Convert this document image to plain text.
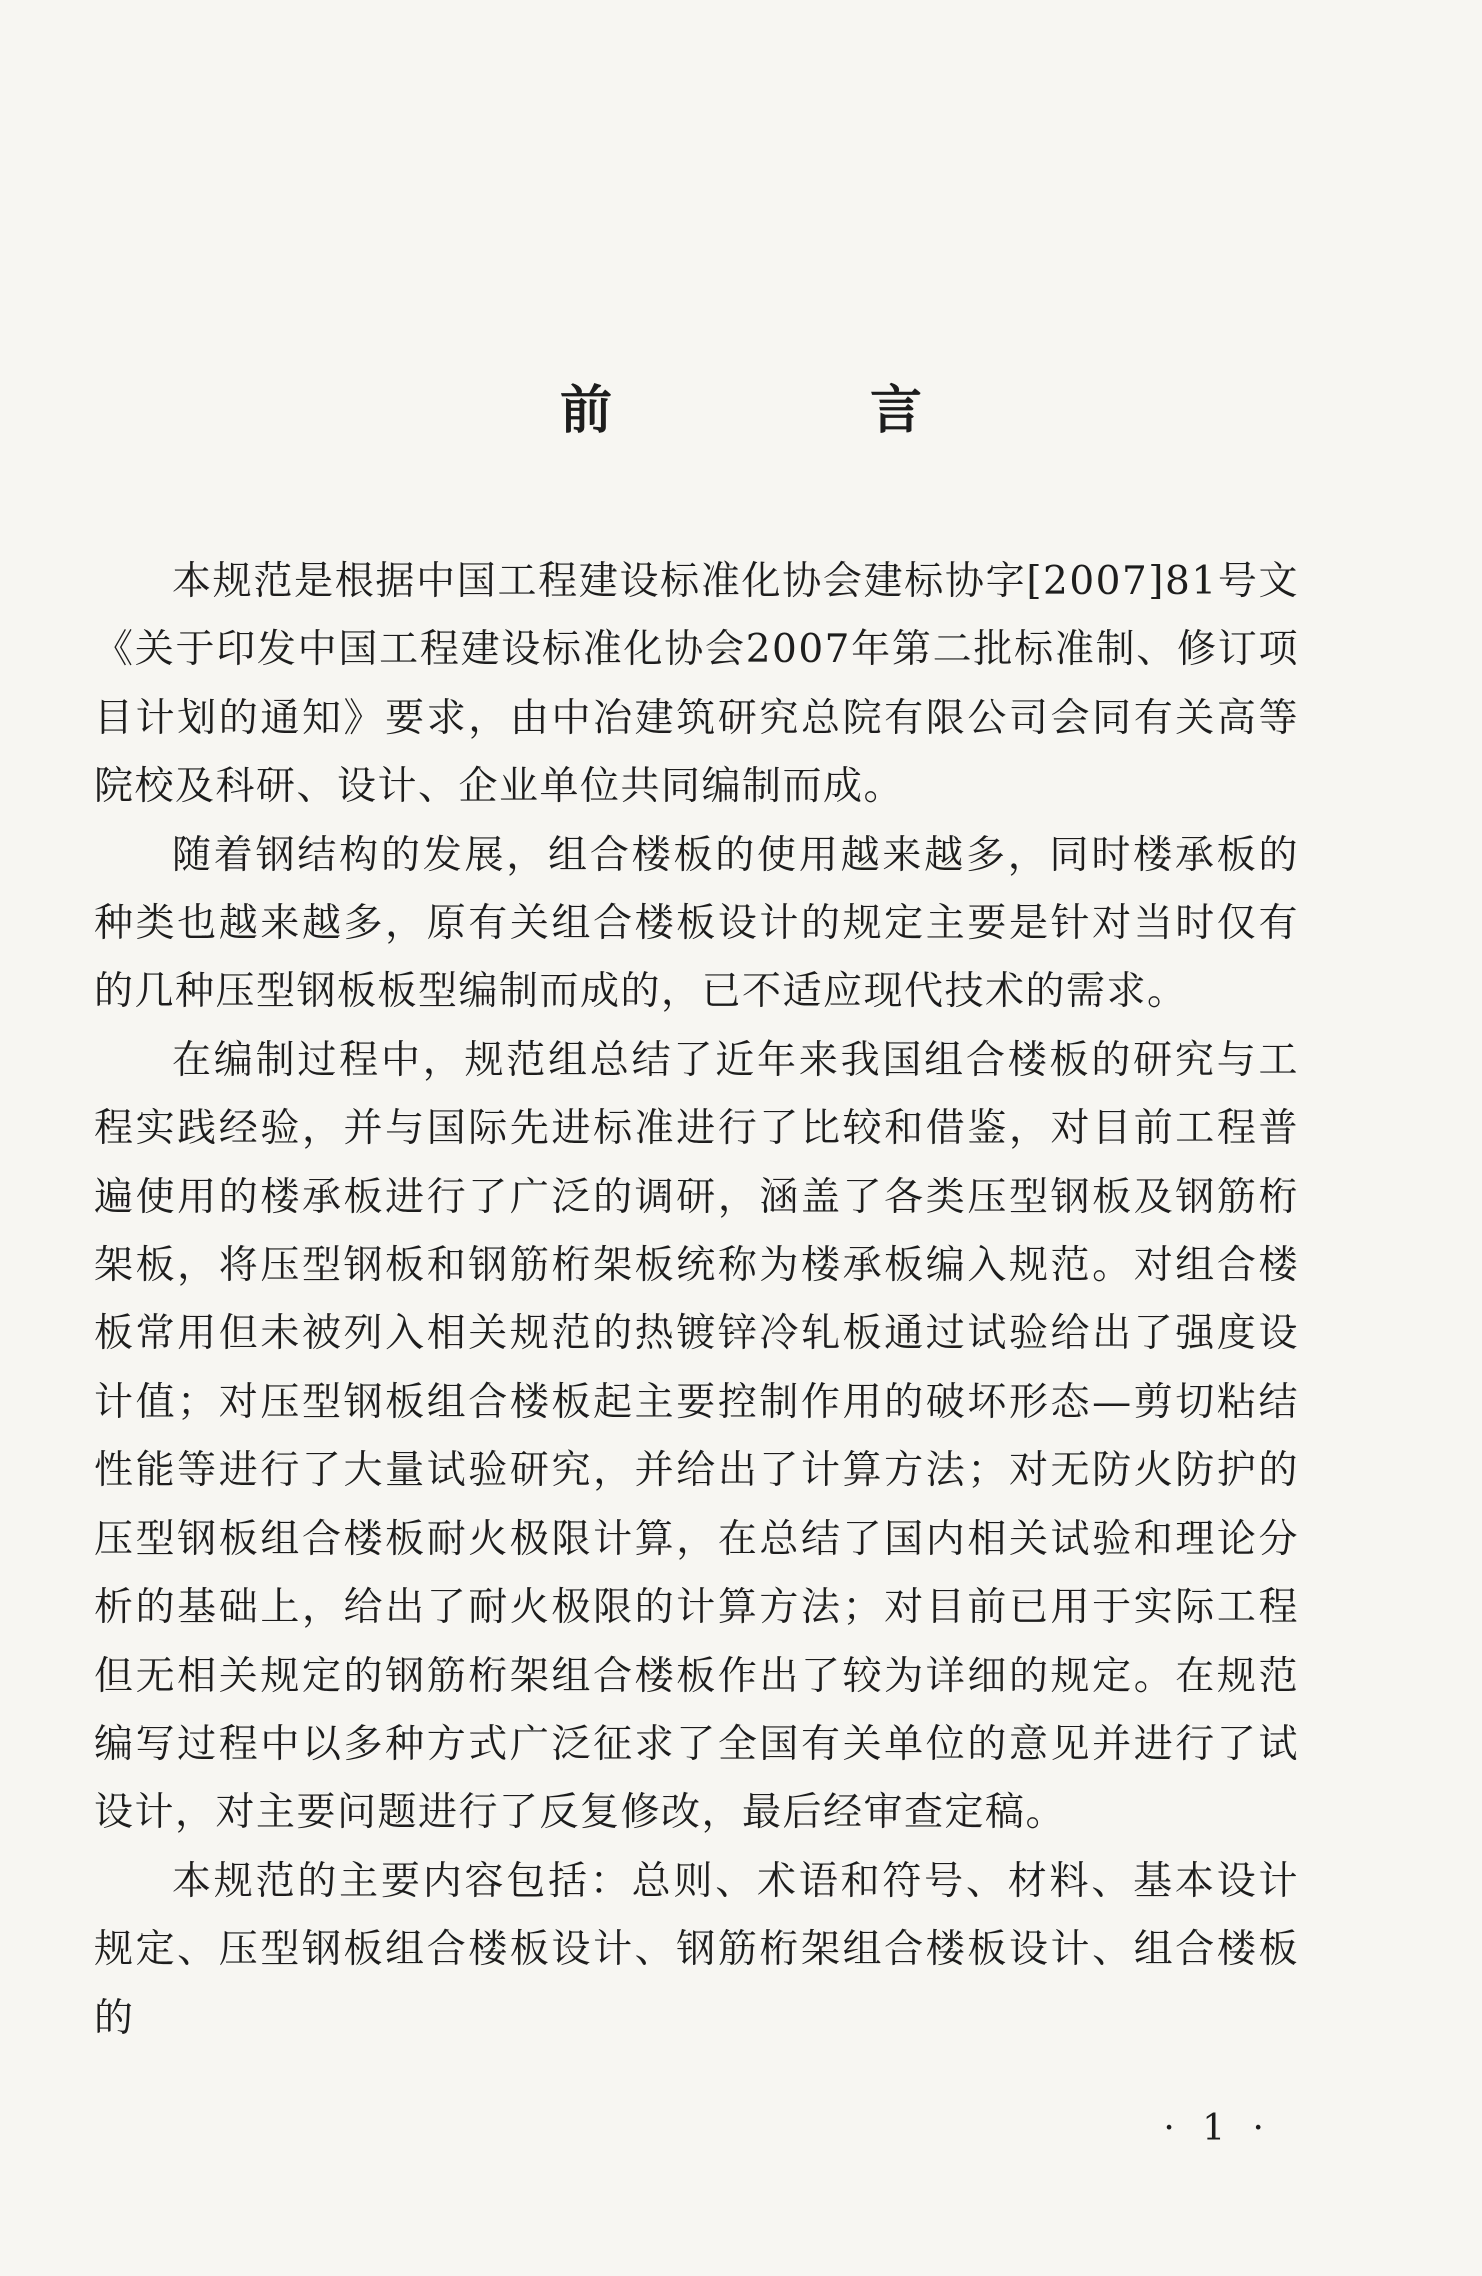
前 言

本规范是根据中国工程建设标准化协会建标协字[2007]81号文《关于印发中国工程建设标准化协会2007年第二批标准制、修订项目计划的通知》要求，由中冶建筑研究总院有限公司会同有关高等院校及科研、设计、企业单位共同编制而成。

随着钢结构的发展，组合楼板的使用越来越多，同时楼承板的种类也越来越多，原有关组合楼板设计的规定主要是针对当时仅有的几种压型钢板板型编制而成的，已不适应现代技术的需求。

在编制过程中，规范组总结了近年来我国组合楼板的研究与工程实践经验，并与国际先进标准进行了比较和借鉴，对目前工程普遍使用的楼承板进行了广泛的调研，涵盖了各类压型钢板及钢筋桁架板，将压型钢板和钢筋桁架板统称为楼承板编入规范。对组合楼板常用但未被列入相关规范的热镀锌冷轧板通过试验给出了强度设计值；对压型钢板组合楼板起主要控制作用的破坏形态—剪切粘结性能等进行了大量试验研究，并给出了计算方法；对无防火防护的压型钢板组合楼板耐火极限计算，在总结了国内相关试验和理论分析的基础上，给出了耐火极限的计算方法；对目前已用于实际工程但无相关规定的钢筋桁架组合楼板作出了较为详细的规定。在规范编写过程中以多种方式广泛征求了全国有关单位的意见并进行了试设计，对主要问题进行了反复修改，最后经审查定稿。

本规范的主要内容包括：总则、术语和符号、材料、基本设计规定、压型钢板组合楼板设计、钢筋桁架组合楼板设计、组合楼板的

· 1 ·
